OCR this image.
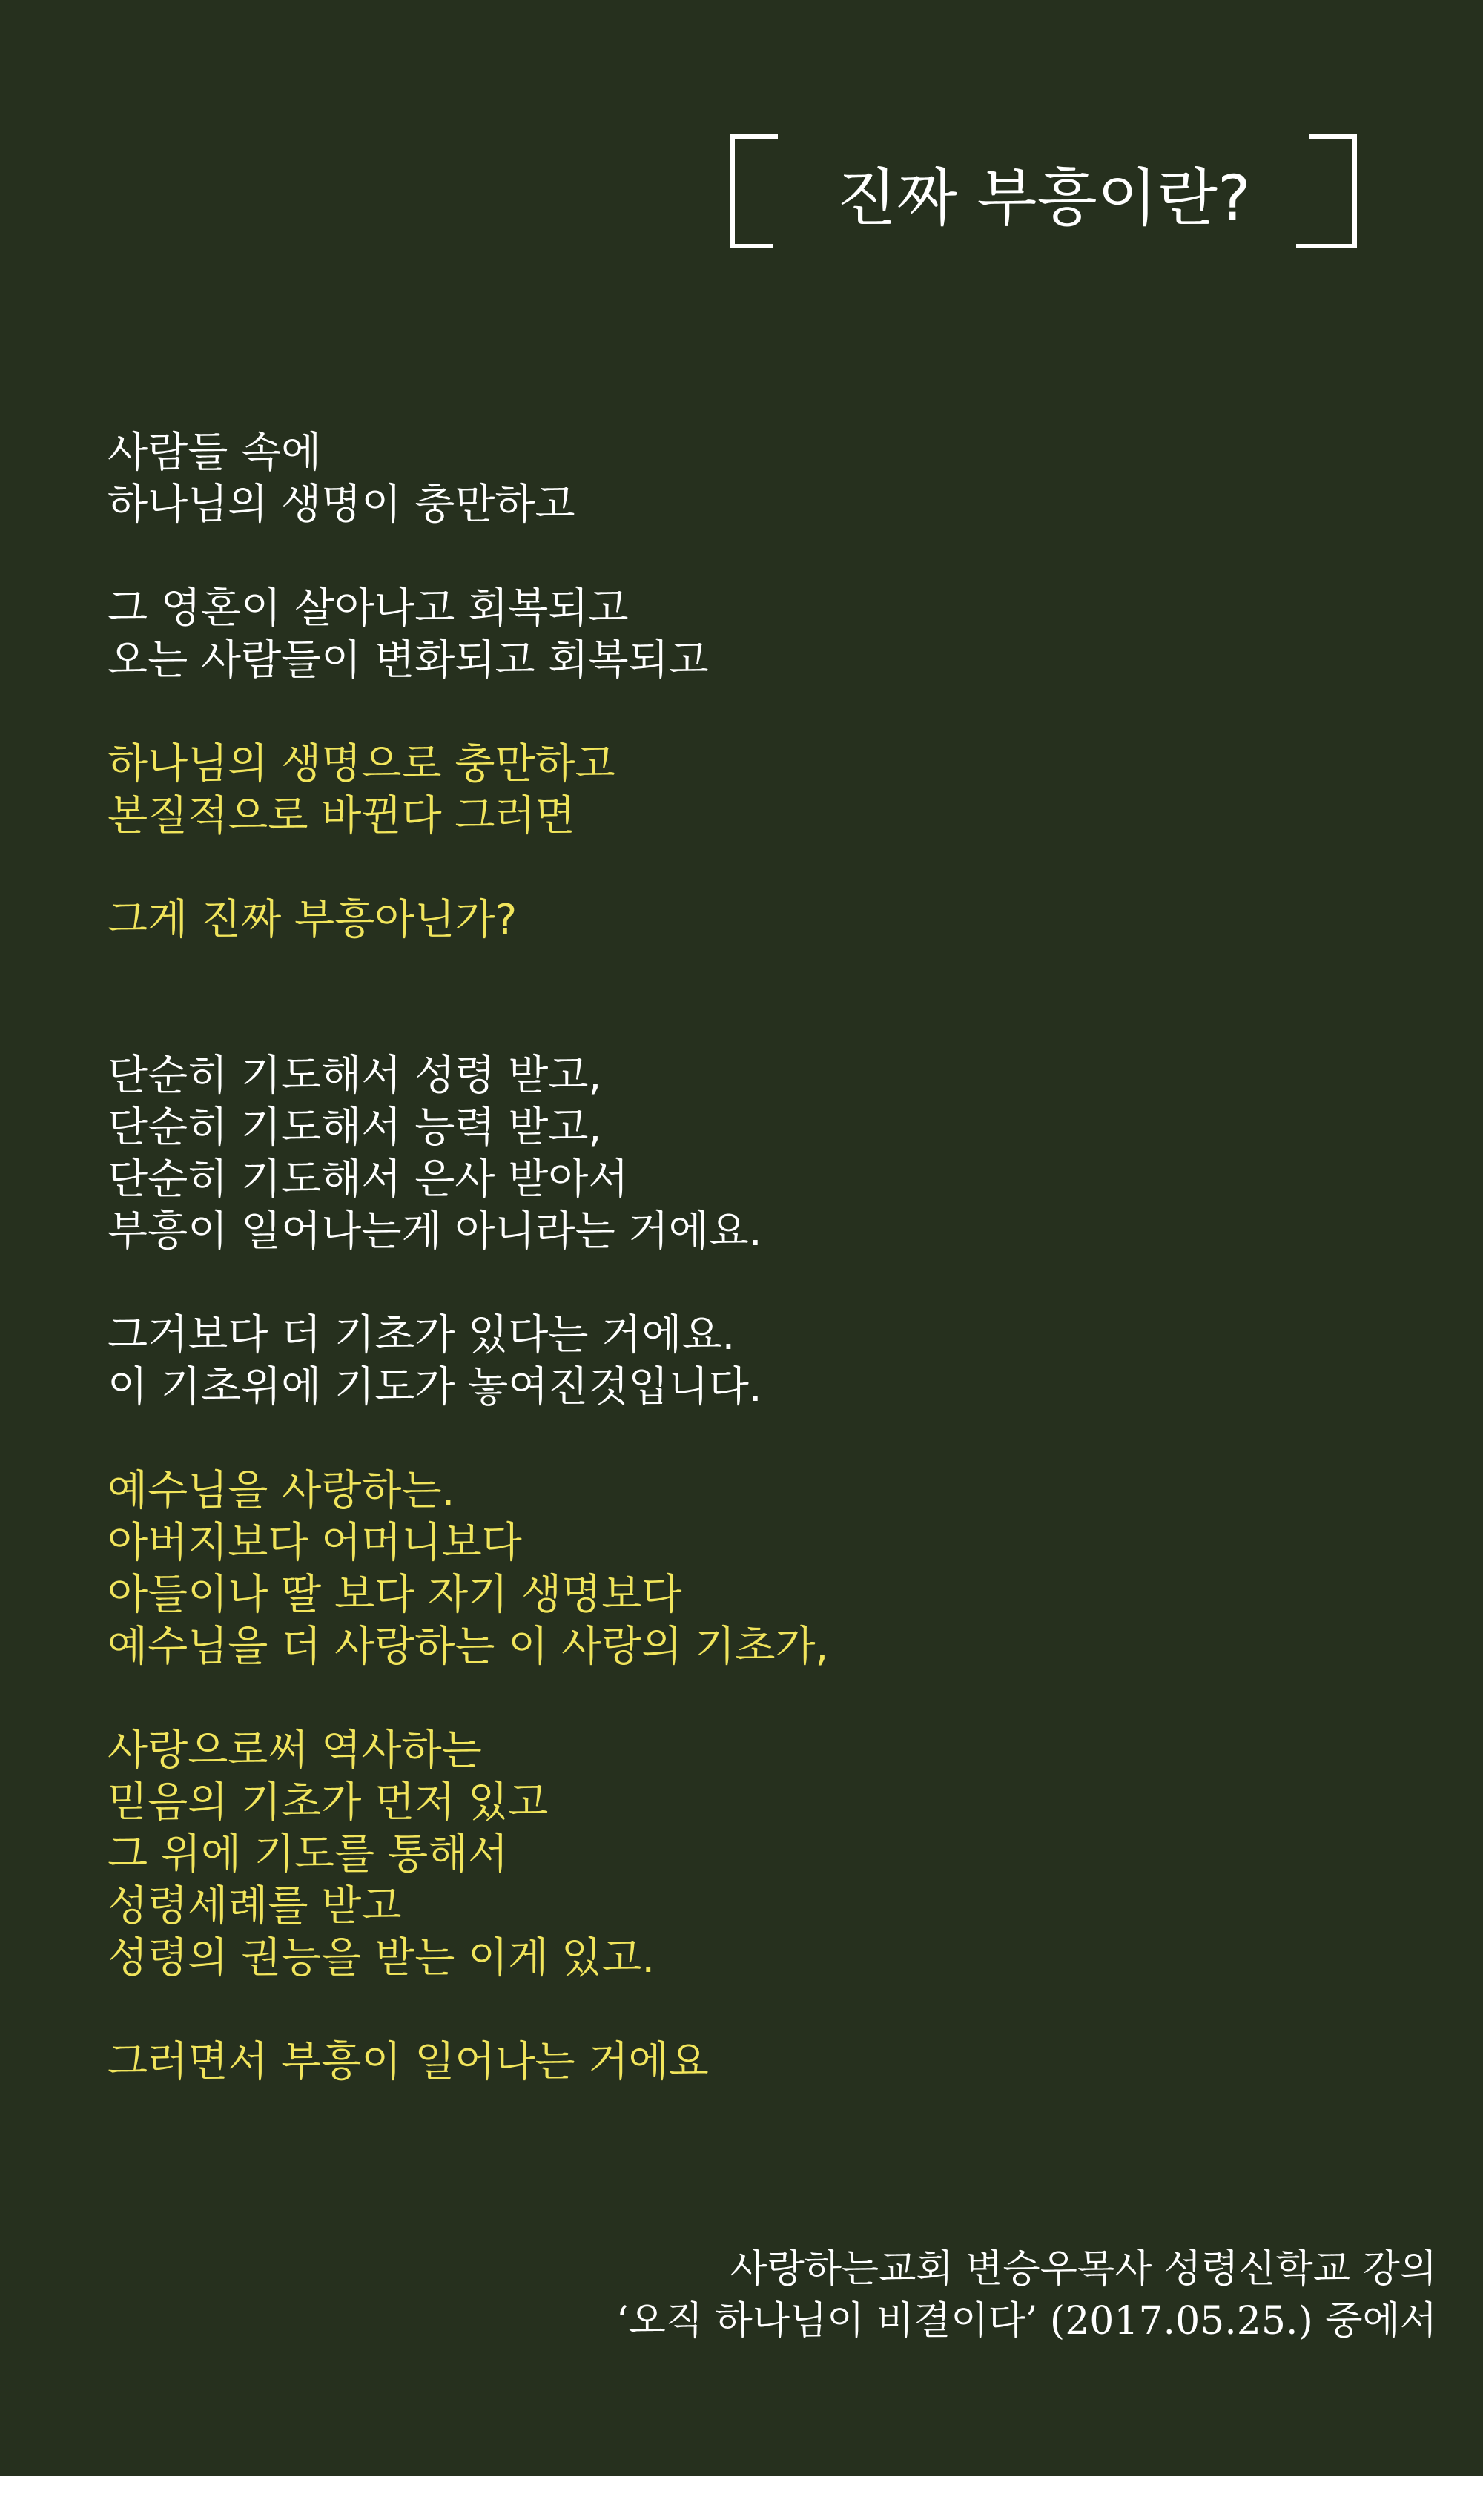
진짜 부흥이란?
사람들 속에
하나님의 생명이 충만하고
그 영혼이 살아나고 회복되고
오는 사람들이 변화되고 회복되고
하나님의 생명으로 충만하고
본질적으로 바뀐다 그러면
그게 진짜 부흥아닌가?
단순히 기도해서 성령 받고,
단순히 기도해서 능력 받고,
단순히 기도해서 은사 받아서
부흥이 일어나는게 아니라는 거에요.
그거보다 더 기초가 있다는 거에요.
이 기초위에 기도가 놓여진것입니다.
예수님을 사랑하는.
아버지보다 어머니보다
아들이나 딸 보다 자기 생명보다
예수님을 더 사랑하는 이 사랑의 기초가,
사랑으로써 역사하는
믿음의 기초가 먼저 있고
그 위에 기도를 통해서
성령세례를 받고
성령의 권능을 받는 이게 있고.
그러면서 부흥이 일어나는 거에요
사랑하는교회 변승우목사 성령신학교 강의
‘오직 하나님이 비결이다’ (2017.05.25.) 중에서
